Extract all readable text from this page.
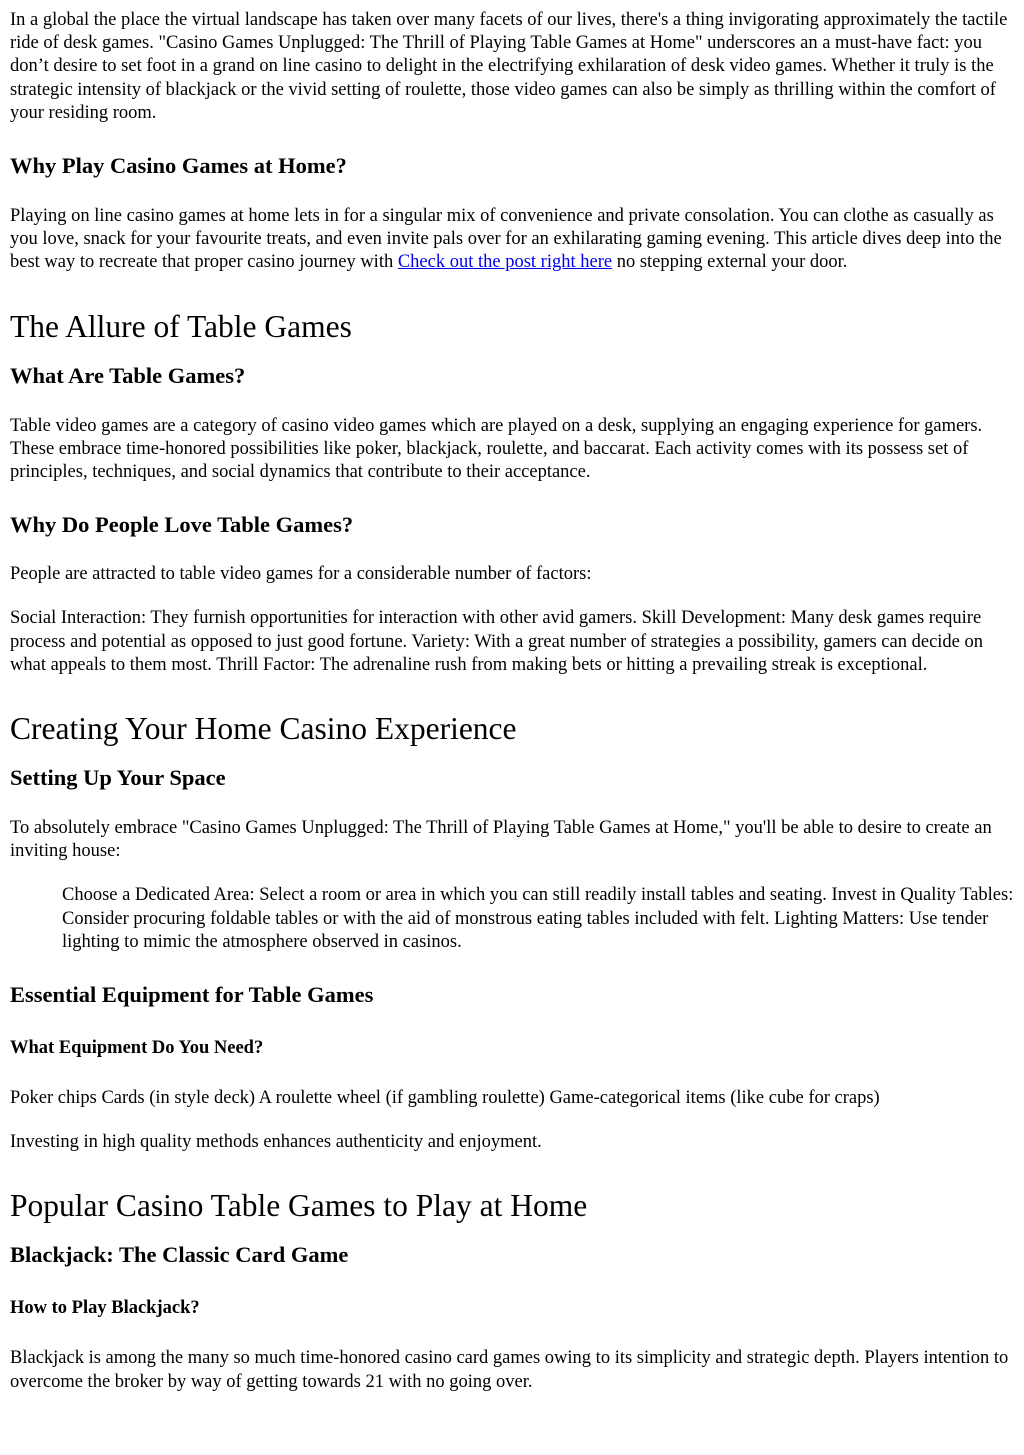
In a global the place the virtual landscape has taken over many facets of our lives, there's a thing invigorating approximately the tactile ride of desk games. "Casino Games Unplugged: The Thrill of Playing Table Games at Home" underscores an a must-have fact: you don’t desire to set foot in a grand on line casino to delight in the electrifying exhilaration of desk video games. Whether it truly is the strategic intensity of blackjack or the vivid setting of roulette, those video games can also be simply as thrilling within the comfort of your residing room.

Why Play Casino Games at Home?

Playing on line casino games at home lets in for a singular mix of convenience and private consolation. You can clothe as casually as you love, snack for your favourite treats, and even invite pals over for an exhilarating gaming evening. This article dives deep into the best way to recreate that proper casino journey with Check out the post right here no stepping external your door.

The Allure of Table Games
What Are Table Games?

Table video games are a category of casino video games which are played on a desk, supplying an engaging experience for gamers. These embrace time-honored possibilities like poker, blackjack, roulette, and baccarat. Each activity comes with its possess set of principles, techniques, and social dynamics that contribute to their acceptance.

Why Do People Love Table Games?

People are attracted to table video games for a considerable number of factors:

Social Interaction: They furnish opportunities for interaction with other avid gamers. Skill Development: Many desk games require process and potential as opposed to just good fortune. Variety: With a great number of strategies a possibility, gamers can decide on what appeals to them most. Thrill Factor: The adrenaline rush from making bets or hitting a prevailing streak is exceptional.

Creating Your Home Casino Experience
Setting Up Your Space

To absolutely embrace "Casino Games Unplugged: The Thrill of Playing Table Games at Home," you'll be able to desire to create an inviting house:

Choose a Dedicated Area: Select a room or area in which you can still readily install tables and seating. Invest in Quality Tables: Consider procuring foldable tables or with the aid of monstrous eating tables included with felt. Lighting Matters: Use tender lighting to mimic the atmosphere observed in casinos.

Essential Equipment for Table Games
What Equipment Do You Need?

Poker chips Cards (in style deck) A roulette wheel (if gambling roulette) Game-categorical items (like cube for craps)

Investing in high quality methods enhances authenticity and enjoyment.

Popular Casino Table Games to Play at Home
Blackjack: The Classic Card Game
How to Play Blackjack?

Blackjack is among the many so much time-honored casino card games owing to its simplicity and strategic depth. Players intention to overcome the broker by way of getting towards 21 with no going over.
